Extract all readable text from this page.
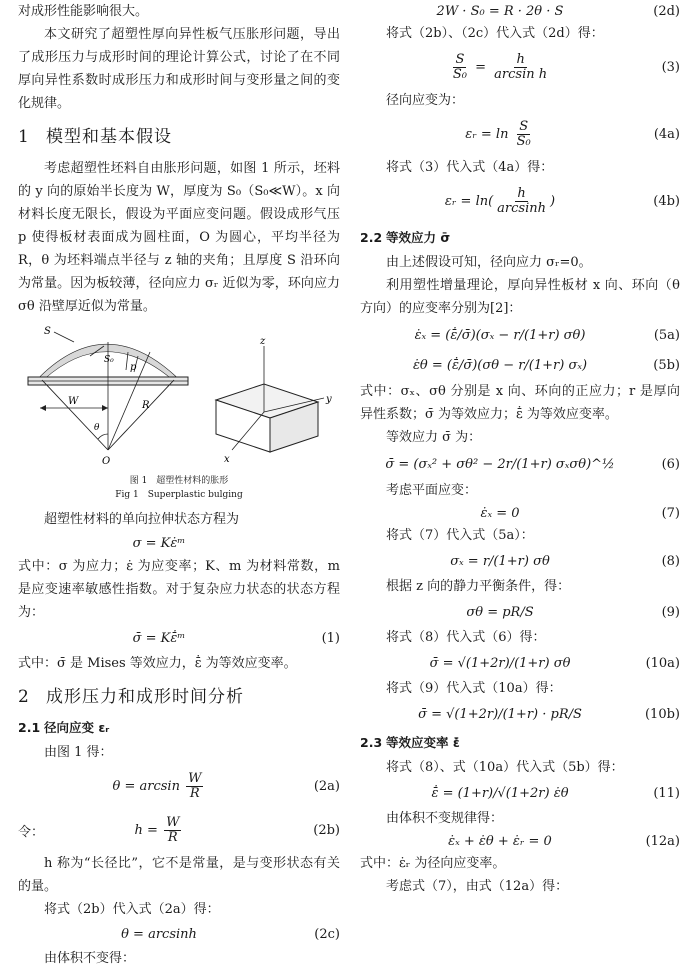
对成形性能影响很大。

本文研究了超塑性厚向异性板气压胀形问题，导出了成形压力与成形时间的理论计算公式，讨论了在不同厚向异性系数时成形压力和成形时间与变形量之间的变化规律。

1 模型和基本假设

考虑超塑性坯料自由胀形问题，如图 1 所示，坯料的 y 向的原始半长度为 W，厚度为 S₀（S₀≪W）。x 向材料长度无限长，假设为平面应变问题。假设成形气压 p 使得板材表面成为圆柱面，O 为圆心，平均半径为 R，θ 为坯料端点半径与 z 轴的夹角；且厚度 S 沿环向为常量。因为板较薄，径向应力 σᵣ 近似为零，环向应力 σθ 沿壁厚近似为常量。

S
S₀
p
R
W
θ
O
z
y
x

图 1　超塑性材料的胀形

Fig 1　Superplastic bulging

超塑性材料的单向拉伸状态方程为

σ = Kε̇ᵐ

式中：σ 为应力；ε̇ 为应变率；K、m 为材料常数，m 是应变速率敏感性指数。对于复杂应力状态的状态方程为：

σ̄ = Kε̄̇ᵐ	(1)

式中：σ̄ 是 Mises 等效应力，ε̄̇ 为等效应变率。

2 成形压力和成形时间分析
2.1 径向应变 εᵣ

由图 1 得：

$\theta = \arcsin \frac{W}{R}$	(2a)
令：	$h = \frac{W}{R}$	(2b)

h 称为“长径比”，它不是常量，是与变形状态有关的量。

将式（2b）代入式（2a）得：

θ = arcsinh	(2c)

由体积不变得：

2W · S₀ = R · 2θ · S	(2d)

将式（2b）、（2c）代入式（2d）得：

$\frac{S}{\text{S₀}} = \frac{h}{\text{arcsin h}}$	(3)

径向应变为：

εᵣ = $\ln \frac{S}{\text{S₀}}$	(4a)

将式（3）代入式（4a）得：

εᵣ = $\ln( \frac{h}{\arcsin h}$ )	(4b)
2.2 等效应力 σ̄

由上述假设可知，径向应力 σᵣ=0。

利用塑性增量理论，厚向异性板材 x 向、环向（θ 方向）的应变率分别为[2]：

ε̇ₓ = (ε̄̇/σ̄)(σₓ − r/(1+r) σθ)	(5a)
ε̇θ = (ε̄̇/σ̄)(σθ − r/(1+r) σₓ)	(5b)

式中：σₓ、σθ 分别是 x 向、环向的正应力；r 是厚向异性系数；σ̄ 为等效应力；ε̄̇ 为等效应变率。

等效应力 σ̄ 为：

σ̄ = (σₓ² + σθ² − 2r/(1+r) σₓσθ)^½	(6)

考虑平面应变：

ε̇ₓ = 0	(7)

将式（7）代入式（5a）：

σₓ = r/(1+r) σθ	(8)

根据 z 向的静力平衡条件，得：

σθ = pR/S	(9)

将式（8）代入式（6）得：

σ̄ = √(1+2r)/(1+r) σθ	(10a)

将式（9）代入式（10a）得：

σ̄ = √(1+2r)/(1+r) · pR/S	(10b)
2.3 等效应变率 ε̄̇

将式（8）、式（10a）代入式（5b）得：

ε̄̇ = (1+r)/√(1+2r) ε̇θ	(11)

由体积不变规律得：

ε̇ₓ + ε̇θ + ε̇ᵣ = 0	(12a)

式中：ε̇ᵣ 为径向应变率。

考虑式（7），由式（12a）得：
